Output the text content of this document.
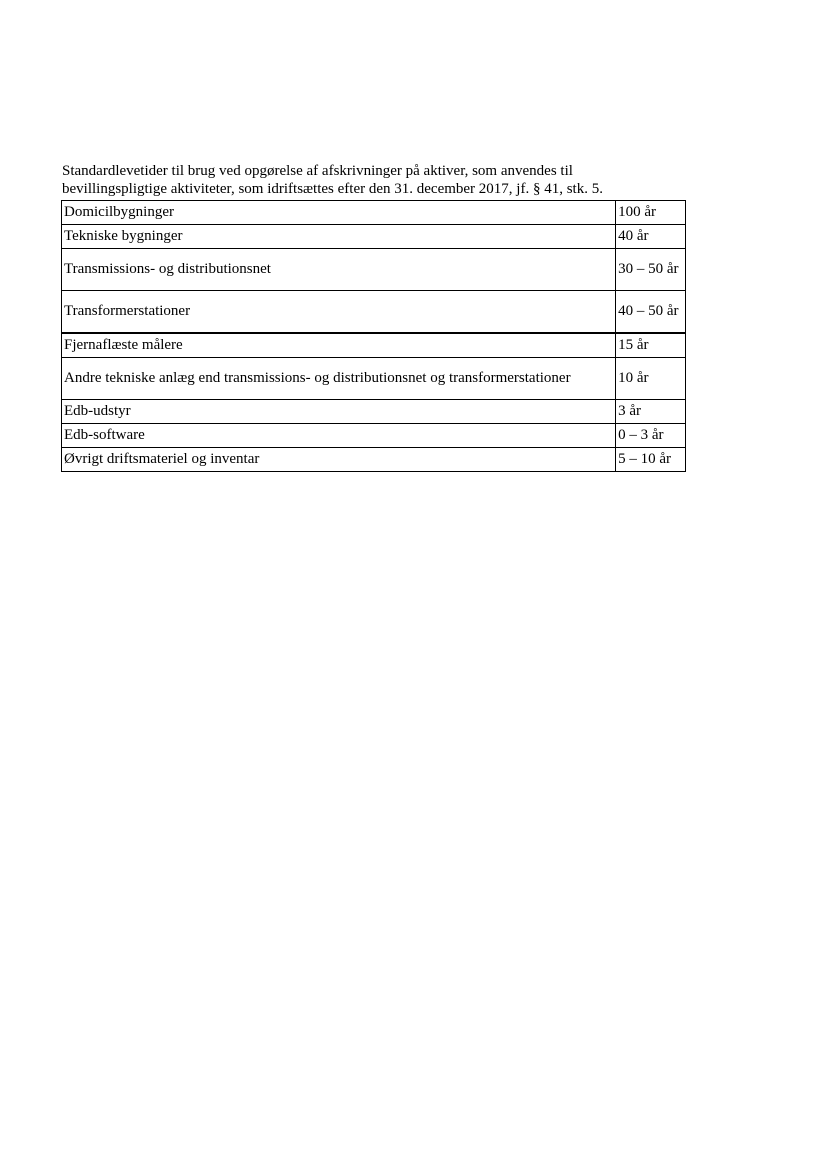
Standardlevetider til brug ved opgørelse af afskrivninger på aktiver, som anvendes til
bevillingspligtige aktiviteter, som idriftsættes efter den 31. december 2017, jf. § 41, stk. 5.

Domicilbygninger	100 år
Tekniske bygninger	40 år
Transmissions- og distributionsnet	30 – 50 år
Transformerstationer	40 – 50 år
Fjernaflæste målere	15 år
Andre tekniske anlæg end transmissions- og distributionsnet og transformerstationer	10 år
Edb-udstyr	3 år
Edb-software	0 – 3 år
Øvrigt driftsmateriel og inventar	5 – 10 år
